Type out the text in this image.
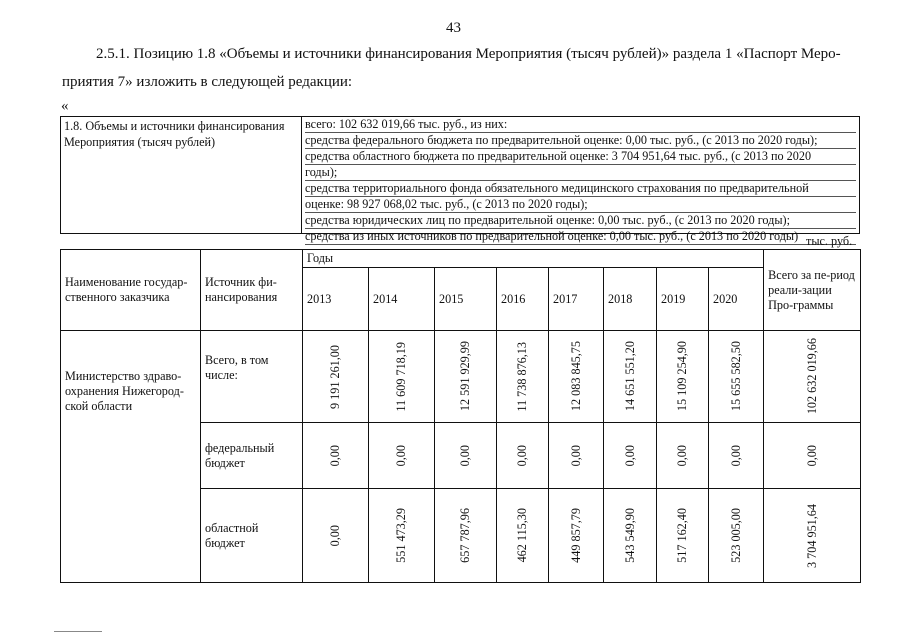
43

2.5.1. Позицию 1.8 «Объемы и источники финансирования Мероприятия (тысяч рублей)» раздела 1 «Паспорт Меро-

приятия 7» изложить в следующей редакции:

«
1.8. Объемы и источники финансирования Мероприятия (тысяч рублей)
всего: 102 632 019,66 тыс. руб., из них:
средства федерального бюджета по предварительной оценке: 0,00 тыс. руб., (с 2013 по 2020 годы);
средства областного бюджета по предварительной оценке: 3 704 951,64 тыс. руб., (с 2013 по 2020
годы);
средства территориального фонда обязательного медицинского страхования по предварительной
оценке: 98 927 068,02 тыс. руб., (с 2013 по 2020 годы);
средства юридических лиц по предварительной оценке: 0,00 тыс. руб., (с 2013 по 2020 годы);
средства из иных источников по предварительной оценке: 0,00 тыс. руб., (с 2013 по 2020 годы) тыс. руб.
Наименование государ-ственного заказчика	Источник фи-нансирования	Годы								Всего за пе-риод реали-зации Про-граммы
		2013	2014	2015	2016	2017	2018	2019	2020	
Министерство здраво-охранения Нижегород-ской области	Всего, в том числе:	9 191 261,00	11 609 718,19	12 591 929,99	11 738 876,13	12 083 845,75	14 651 551,20	15 109 254,90	15 655 582,50	102 632 019,66

	федеральный бюджет	0,00	0,00	0,00	0,00	0,00	0,00	0,00	0,00	0,00

	областной бюджет	0,00	551 473,29	657 787,96	462 115,30	449 857,79	543 549,90	517 162,40	523 005,00	3 704 951,64
